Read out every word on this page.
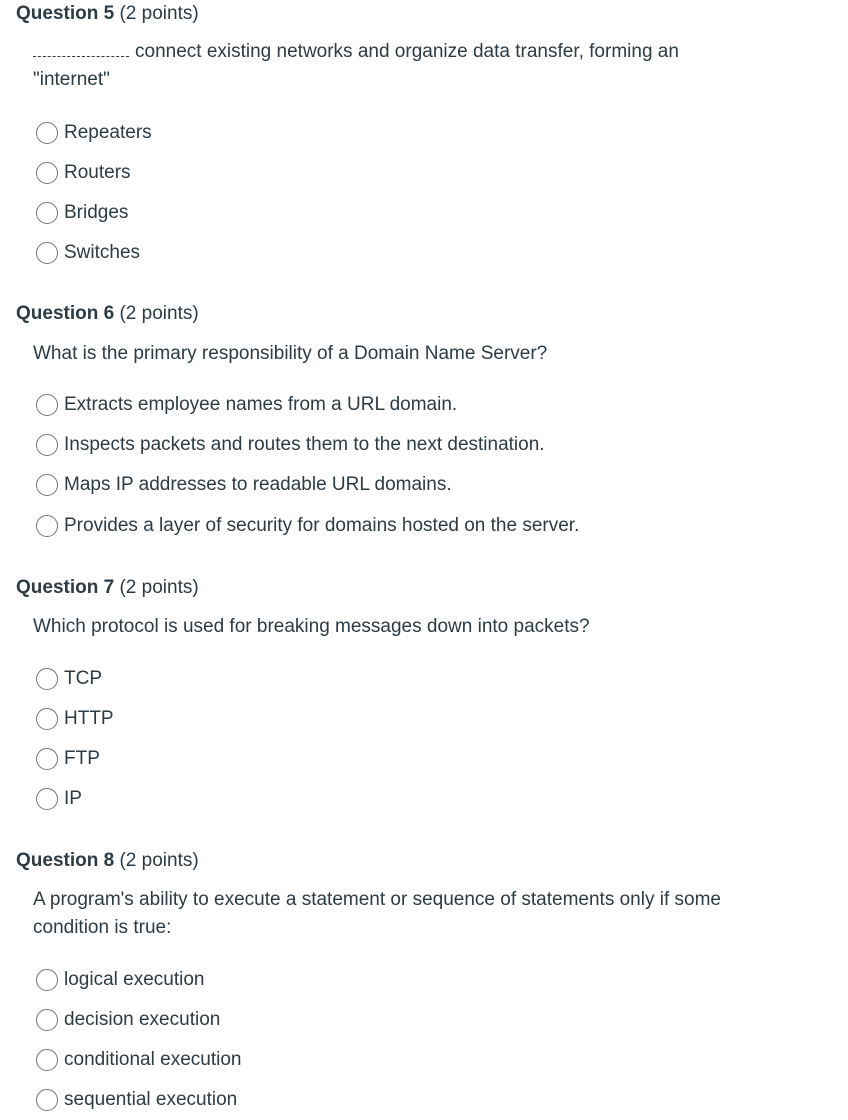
Question 5 (2 points)
connect existing networks and organize data transfer, forming an "internet"
Repeaters
Routers
Bridges
Switches
Question 6 (2 points)
What is the primary responsibility of a Domain Name Server?
Extracts employee names from a URL domain.
Inspects packets and routes them to the next destination.
Maps IP addresses to readable URL domains.
Provides a layer of security for domains hosted on the server.
Question 7 (2 points)
Which protocol is used for breaking messages down into packets?
TCP
HTTP
FTP
IP
Question 8 (2 points)
A program's ability to execute a statement or sequence of statements only if some condition is true:
logical execution
decision execution
conditional execution
sequential execution
